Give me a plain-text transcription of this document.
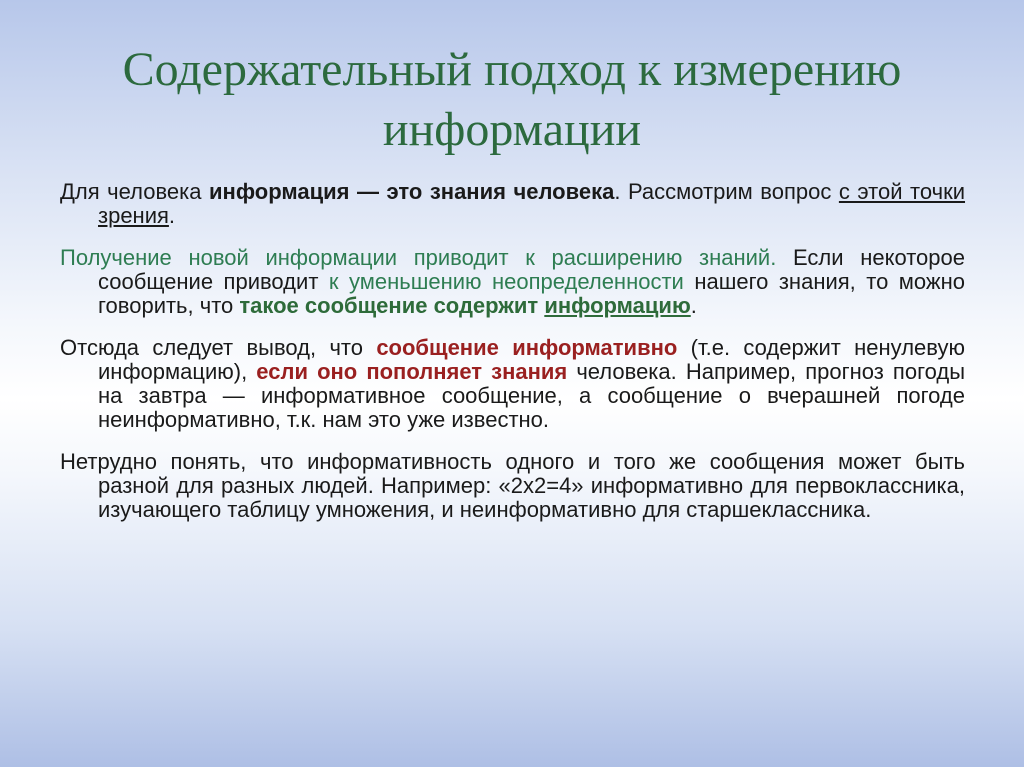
Содержательный подход к измерению
информации

Для человека информация — это знания человека. Рассмотрим вопрос с этой точки зрения.

Получение новой информации приводит к расширению знаний. Если некоторое сообщение приводит к уменьшению неопределенности нашего знания, то можно говорить, что такое сообщение содержит информацию.

Отсюда следует вывод, что сообщение информативно (т.е. содержит ненулевую информацию), если оно пополняет знания человека. Например, прогноз погоды на завтра — информативное сообщение, а сообщение о вчерашней погоде неинформативно, т.к. нам это уже известно.

Нетрудно понять, что информативность одного и того же сообщения может быть разной для разных людей. Например: «2х2=4» информативно для первоклассника, изучающего таблицу умножения, и неинформативно для старшеклассника.
